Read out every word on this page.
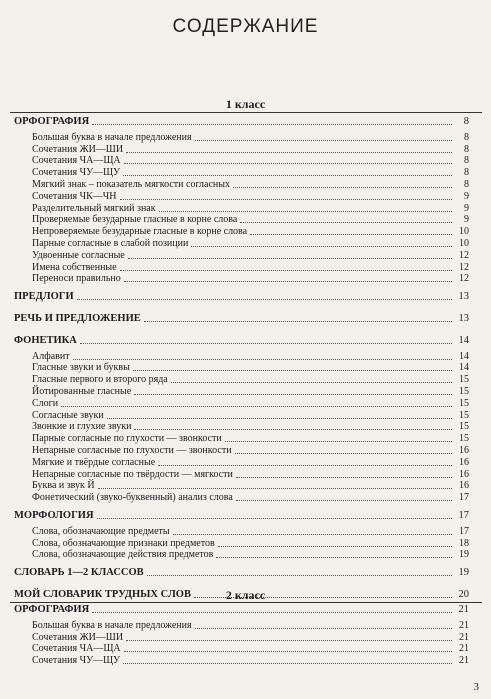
СОДЕРЖАНИЕ
1 класс
ОРФОГРАФИЯ	8
Большая буква в начале предложения	8
Сочетания ЖИ—ШИ	8
Сочетания ЧА—ЩА	8
Сочетания ЧУ—ЩУ	8
Мягкий знак – показатель мягкости согласных	8
Сочетания ЧК—ЧН	9
Разделительный мягкий знак	9
Проверяемые безударные гласные в корне слова	9
Непроверяемые безударные гласные в корне слова	10
Парные согласные в слабой позиции	10
Удвоенные согласные	12
Имена собственные	12
Переноси правильно	12
ПРЕДЛОГИ	13
РЕЧЬ И ПРЕДЛОЖЕНИЕ	13
ФОНЕТИКА	14
Алфавит	14
Гласные звуки и буквы	14
Гласные первого и второго ряда	15
Йотированные гласные	15
Слоги	15
Согласные звуки	15
Звонкие и глухие звуки	15
Парные согласные по глухости — звонкости	15
Непарные согласные по глухости — звонкости	16
Мягкие и твёрдые согласные	16
Непарные согласные по твёрдости — мягкости	16
Буква и звук Й	16
Фонетический (звуко-буквенный) анализ слова	17
МОРФОЛОГИЯ	17
Слова, обозначающие предметы	17
Слова, обозначающие признаки предметов	18
Слова, обозначающие действия предметов	19
СЛОВАРЬ 1—2 КЛАССОВ	19
МОЙ СЛОВАРИК ТРУДНЫХ СЛОВ	20
2 класс
ОРФОГРАФИЯ	21
Большая буква в начале предложения	21
Сочетания ЖИ—ШИ	21
Сочетания ЧА—ЩА	21
Сочетания ЧУ—ЩУ	21
3
